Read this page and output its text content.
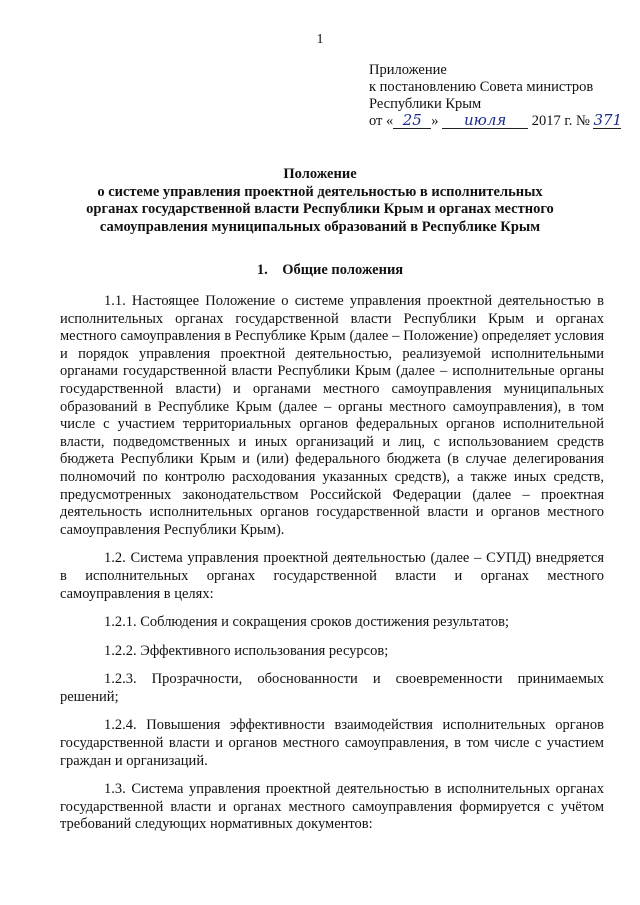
1
Приложение
к постановлению Совета министров
Республики Крым
от « 25 » июля 2017 г. № 371
Положение
о системе управления проектной деятельностью в исполнительных
органах государственной власти Республики Крым и органах местного
самоуправления муниципальных образований в Республике Крым
1.    Общие положения

1.1. Настоящее Положение о системе управления проектной деятельностью в исполнительных органах государственной власти Республики Крым и органах местного самоуправления в Республике Крым (далее – Положение) определяет условия и порядок управления проектной деятельностью, реализуемой исполнительными органами государственной власти Республики Крым (далее – исполнительные органы государственной власти) и органами местного самоуправления муниципальных образований в Республике Крым (далее – органы местного самоуправления), в том числе с участием территориальных органов федеральных органов исполнительной власти, подведомственных и иных организаций и лиц, с использованием средств бюджета Республики Крым и (или) федерального бюджета (в случае делегирования полномочий по контролю расходования указанных средств), а также иных средств, предусмотренных законодательством Российской Федерации (далее – проектная деятельность исполнительных органов государственной власти и органов местного самоуправления Республики Крым).

1.2. Система управления проектной деятельностью (далее – СУПД) внедряется в исполнительных органах государственной власти и органах местного самоуправления в целях:

1.2.1. Соблюдения и сокращения сроков достижения результатов;

1.2.2. Эффективного использования ресурсов;

1.2.3. Прозрачности, обоснованности и своевременности принимаемых решений;

1.2.4. Повышения эффективности взаимодействия исполнительных органов государственной власти и органов местного самоуправления, в том числе с участием граждан и организаций.

1.3. Система управления проектной деятельностью в исполнительных органах государственной власти и органах местного самоуправления формируется с учётом требований следующих нормативных документов:
